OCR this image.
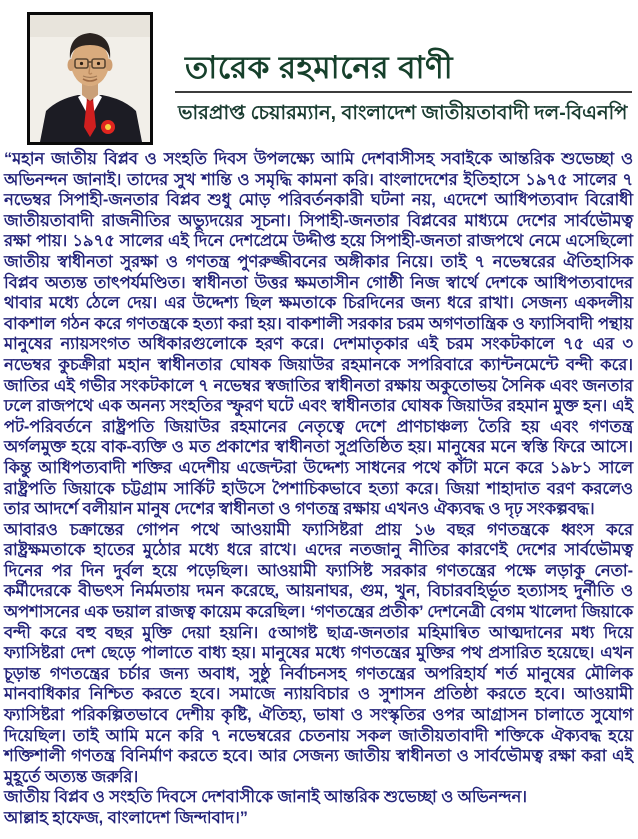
তারেক রহমানের বাণী
ভারপ্রাপ্ত চেয়ারম্যান, বাংলাদেশ জাতীয়তাবাদী দল-বিএনপি

“মহান জাতীয় বিপ্লব ও সংহতি দিবস উপলক্ষ্যে আমি দেশবাসীসহ সবাইকে আন্তরিক শুভেচ্ছা ও অভিনন্দন জানাই। তাদের সুখ শান্তি ও সমৃদ্ধি কামনা করি। বাংলাদেশের ইতিহাসে ১৯৭৫ সালের ৭ নভেম্বর সিপাহী-জনতার বিপ্লব শুধু মোড় পরিবর্তনকারী ঘটনা নয়, এদেশে আধিপত্যবাদ বিরোধী জাতীয়তাবাদী রাজনীতির অভ্যুদয়ের সূচনা। সিপাহী-জনতার বিপ্লবের মাধ্যমে দেশের সার্বভৌমত্ব রক্ষা পায়। ১৯৭৫ সালের এই দিনে দেশপ্রেমে উদ্দীপ্ত হয়ে সিপাহী-জনতা রাজপথে নেমে এসেছিলো জাতীয় স্বাধীনতা সুরক্ষা ও গণতন্ত্র পুণরুজ্জীবনের অঙ্গীকার নিয়ে। তাই ৭ নভেম্বরের ঐতিহাসিক বিপ্লব অত্যন্ত তাৎপর্যমণ্ডিত। স্বাধীনতা উত্তর ক্ষমতাসীন গোষ্ঠী নিজ স্বার্থে দেশকে আধিপত্যবাদের থাবার মধ্যে ঠেলে দেয়। এর উদ্দেশ্য ছিল ক্ষমতাকে চিরদিনের জন্য ধরে রাখা। সেজন্য একদলীয় বাকশাল গঠন করে গণতন্ত্রকে হত্যা করা হয়। বাকশালী সরকার চরম অগণতান্ত্রিক ও ফ্যাসিবাদী পন্থায় মানুষের ন্যায়সংগত অধিকারগুলোকে হরণ করে। দেশমাতৃকার এই চরম সংকটকালে ৭৫ এর ৩ নভেম্বর কুচক্রীরা মহান স্বাধীনতার ঘোষক জিয়াউর রহমানকে সপরিবারে ক্যান্টনমেন্টে বন্দী করে। জাতির এই গভীর সংকটকালে ৭ নভেম্বর স্বজাতির স্বাধীনতা রক্ষায় অকুতোভয় সৈনিক এবং জনতার ঢলে রাজপথে এক অনন্য সংহতির স্ফুরণ ঘটে এবং স্বাধীনতার ঘোষক জিয়াউর রহমান মুক্ত হন। এই পট-পরিবর্তনে রাষ্ট্রপতি জিয়াউর রহমানের নেতৃত্বে দেশে প্রাণচাঞ্চল্য তৈরি হয় এবং গণতন্ত্র অর্গলমুক্ত হয়ে বাক-ব্যক্তি ও মত প্রকাশের স্বাধীনতা সুপ্রতিষ্ঠিত হয়। মানুষের মনে স্বস্তি ফিরে আসে। কিন্তু আধিপত্যবাদী শক্তির এদেশীয় এজেন্টরা উদ্দেশ্য সাধনের পথে কাঁটা মনে করে ১৯৮১ সালে রাষ্ট্রপতি জিয়াকে চট্টগ্রাম সার্কিট হাউসে পৈশাচিকভাবে হত্যা করে। জিয়া শাহাদাত বরণ করলেও তার আদর্শে বলীয়ান মানুষ দেশের স্বাধীনতা ও গণতন্ত্র রক্ষায় এখনও ঐক্যবদ্ধ ও দৃঢ় সংকল্পবদ্ধ।

আবারও চক্রান্তের গোপন পথে আওয়ামী ফ্যাসিষ্টরা প্রায় ১৬ বছর গণতন্ত্রকে ধ্বংস করে রাষ্ট্রক্ষমতাকে হাতের মুঠোর মধ্যে ধরে রাখে। এদের নতজানু নীতির কারণেই দেশের সার্বভৌমত্ব দিনের পর দিন দুর্বল হয়ে পড়েছিল। আওয়ামী ফ্যাসিষ্ট সরকার গণতন্ত্রের পক্ষে লড়াকু নেতা-কর্মীদেরকে বীভৎস নির্মমতায় দমন করেছে, আয়নাঘর, গুম, খুন, বিচারবহির্ভূত হত্যাসহ দুর্নীতি ও অপশাসনের এক ভয়াল রাজত্ব কায়েম করেছিল। ‘গণতন্ত্রের প্রতীক’ দেশনেত্রী বেগম খালেদা জিয়াকে বন্দী করে বহু বছর মুক্তি দেয়া হয়নি। ৫আগষ্ট ছাত্র-জনতার মহিমান্বিত আত্মদানের মধ্য দিয়ে ফ্যাসিষ্টরা দেশ ছেড়ে পালাতে বাধ্য হয়। মানুষের মধ্যে গণতন্ত্রের মুক্তির পথ প্রসারিত হয়েছে। এখন চূড়ান্ত গণতন্ত্রের চর্চার জন্য অবাধ, সুষ্ঠু নির্বাচনসহ গণতন্ত্রের অপরিহার্য শর্ত মানুষের মৌলিক মানবাধিকার নিশ্চিত করতে হবে। সমাজে ন্যায়বিচার ও সুশাসন প্রতিষ্ঠা করতে হবে। আওয়ামী ফ্যাসিষ্টরা পরিকল্পিতভাবে দেশীয় কৃষ্টি, ঐতিহ্য, ভাষা ও সংস্কৃতির ওপর আগ্রাসন চালাতে সুযোগ দিয়েছিল। তাই আমি মনে করি ৭ নভেম্বরের চেতনায় সকল জাতীয়তাবাদী শক্তিকে ঐক্যবদ্ধ হয়ে শক্তিশালী গণতন্ত্র বিনির্মাণ করতে হবে। আর সেজন্য জাতীয় স্বাধীনতা ও সার্বভৌমত্ব রক্ষা করা এই মুহূর্তে অত্যন্ত জরুরি।

জাতীয় বিপ্লব ও সংহতি দিবসে দেশবাসীকে জানাই আন্তরিক শুভেচ্ছা ও অভিনন্দন।

আল্লাহ হাফেজ, বাংলাদেশ জিন্দাবাদ।”
